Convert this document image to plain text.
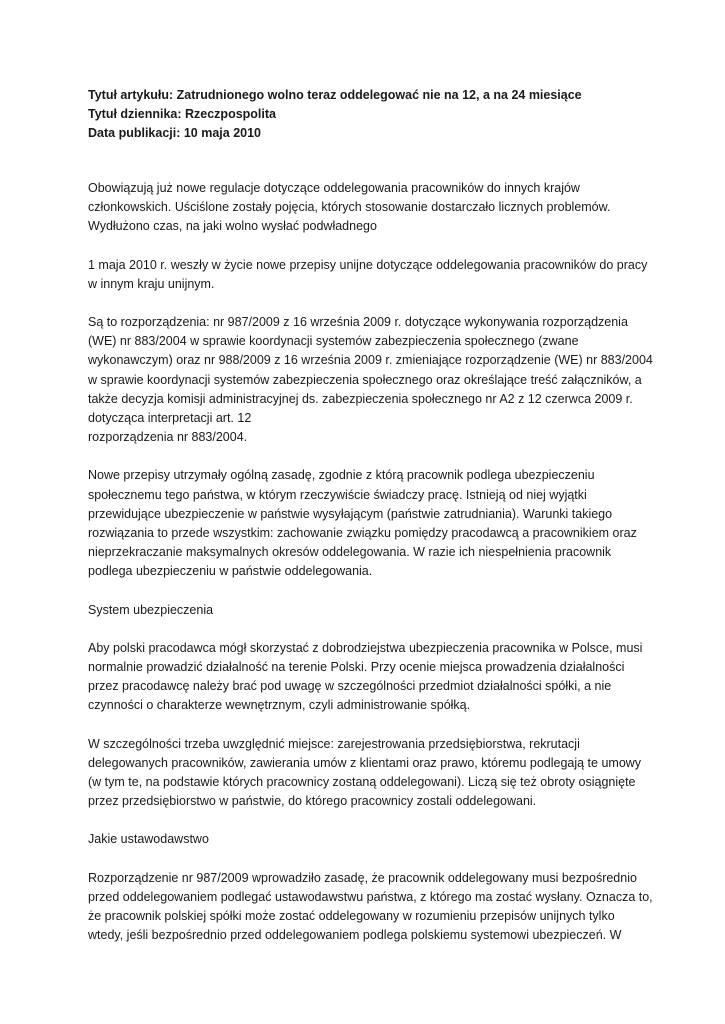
Tytuł artykułu: Zatrudnionego wolno teraz oddelegować nie na 12, a na 24 miesiące

Tytuł dziennika: Rzeczpospolita

Data publikacji: 10 maja 2010

Obowiązują już nowe regulacje dotyczące oddelegowania pracowników do innych krajów
członkowskich. Uściślone zostały pojęcia, których stosowanie dostarczało licznych problemów.
Wydłużono czas, na jaki wolno wysłać podwładnego

1 maja 2010 r. weszły w życie nowe przepisy unijne dotyczące oddelegowania pracowników do pracy
w innym kraju unijnym.

Są to rozporządzenia: nr 987/2009 z 16 września 2009 r. dotyczące wykonywania rozporządzenia
(WE) nr 883/2004 w sprawie koordynacji systemów zabezpieczenia społecznego (zwane
wykonawczym) oraz nr 988/2009 z 16 września 2009 r. zmieniające rozporządzenie (WE) nr 883/2004
w sprawie koordynacji systemów zabezpieczenia społecznego oraz określające treść załączników, a
także decyzja komisji administracyjnej ds. zabezpieczenia społecznego nr A2 z 12 czerwca 2009 r.
dotycząca interpretacji art. 12
rozporządzenia nr 883/2004.

Nowe przepisy utrzymały ogólną zasadę, zgodnie z którą pracownik podlega ubezpieczeniu
społecznemu tego państwa, w którym rzeczywiście świadczy pracę. Istnieją od niej wyjątki
przewidujące ubezpieczenie w państwie wysyłającym (państwie zatrudniania). Warunki takiego
rozwiązania to przede wszystkim: zachowanie związku pomiędzy pracodawcą a pracownikiem oraz
nieprzekraczanie maksymalnych okresów oddelegowania. W razie ich niespełnienia pracownik
podlega ubezpieczeniu w państwie oddelegowania.

System ubezpieczenia

Aby polski pracodawca mógł skorzystać z dobrodziejstwa ubezpieczenia pracownika w Polsce, musi
normalnie prowadzić działalność na terenie Polski. Przy ocenie miejsca prowadzenia działalności
przez pracodawcę należy brać pod uwagę w szczególności przedmiot działalności spółki, a nie
czynności o charakterze wewnętrznym, czyli administrowanie spółką.

W szczególności trzeba uwzględnić miejsce: zarejestrowania przedsiębiorstwa, rekrutacji
delegowanych pracowników, zawierania umów z klientami oraz prawo, któremu podlegają te umowy
(w tym te, na podstawie których pracownicy zostaną oddelegowani). Liczą się też obroty osiągnięte
przez przedsiębiorstwo w państwie, do którego pracownicy zostali oddelegowani.

Jakie ustawodawstwo

Rozporządzenie nr 987/2009 wprowadziło zasadę, że pracownik oddelegowany musi bezpośrednio
przed oddelegowaniem podlegać ustawodawstwu państwa, z którego ma zostać wysłany. Oznacza to,
że pracownik polskiej spółki może zostać oddelegowany w rozumieniu przepisów unijnych tylko
wtedy, jeśli bezpośrednio przed oddelegowaniem podlega polskiemu systemowi ubezpieczeń. W
